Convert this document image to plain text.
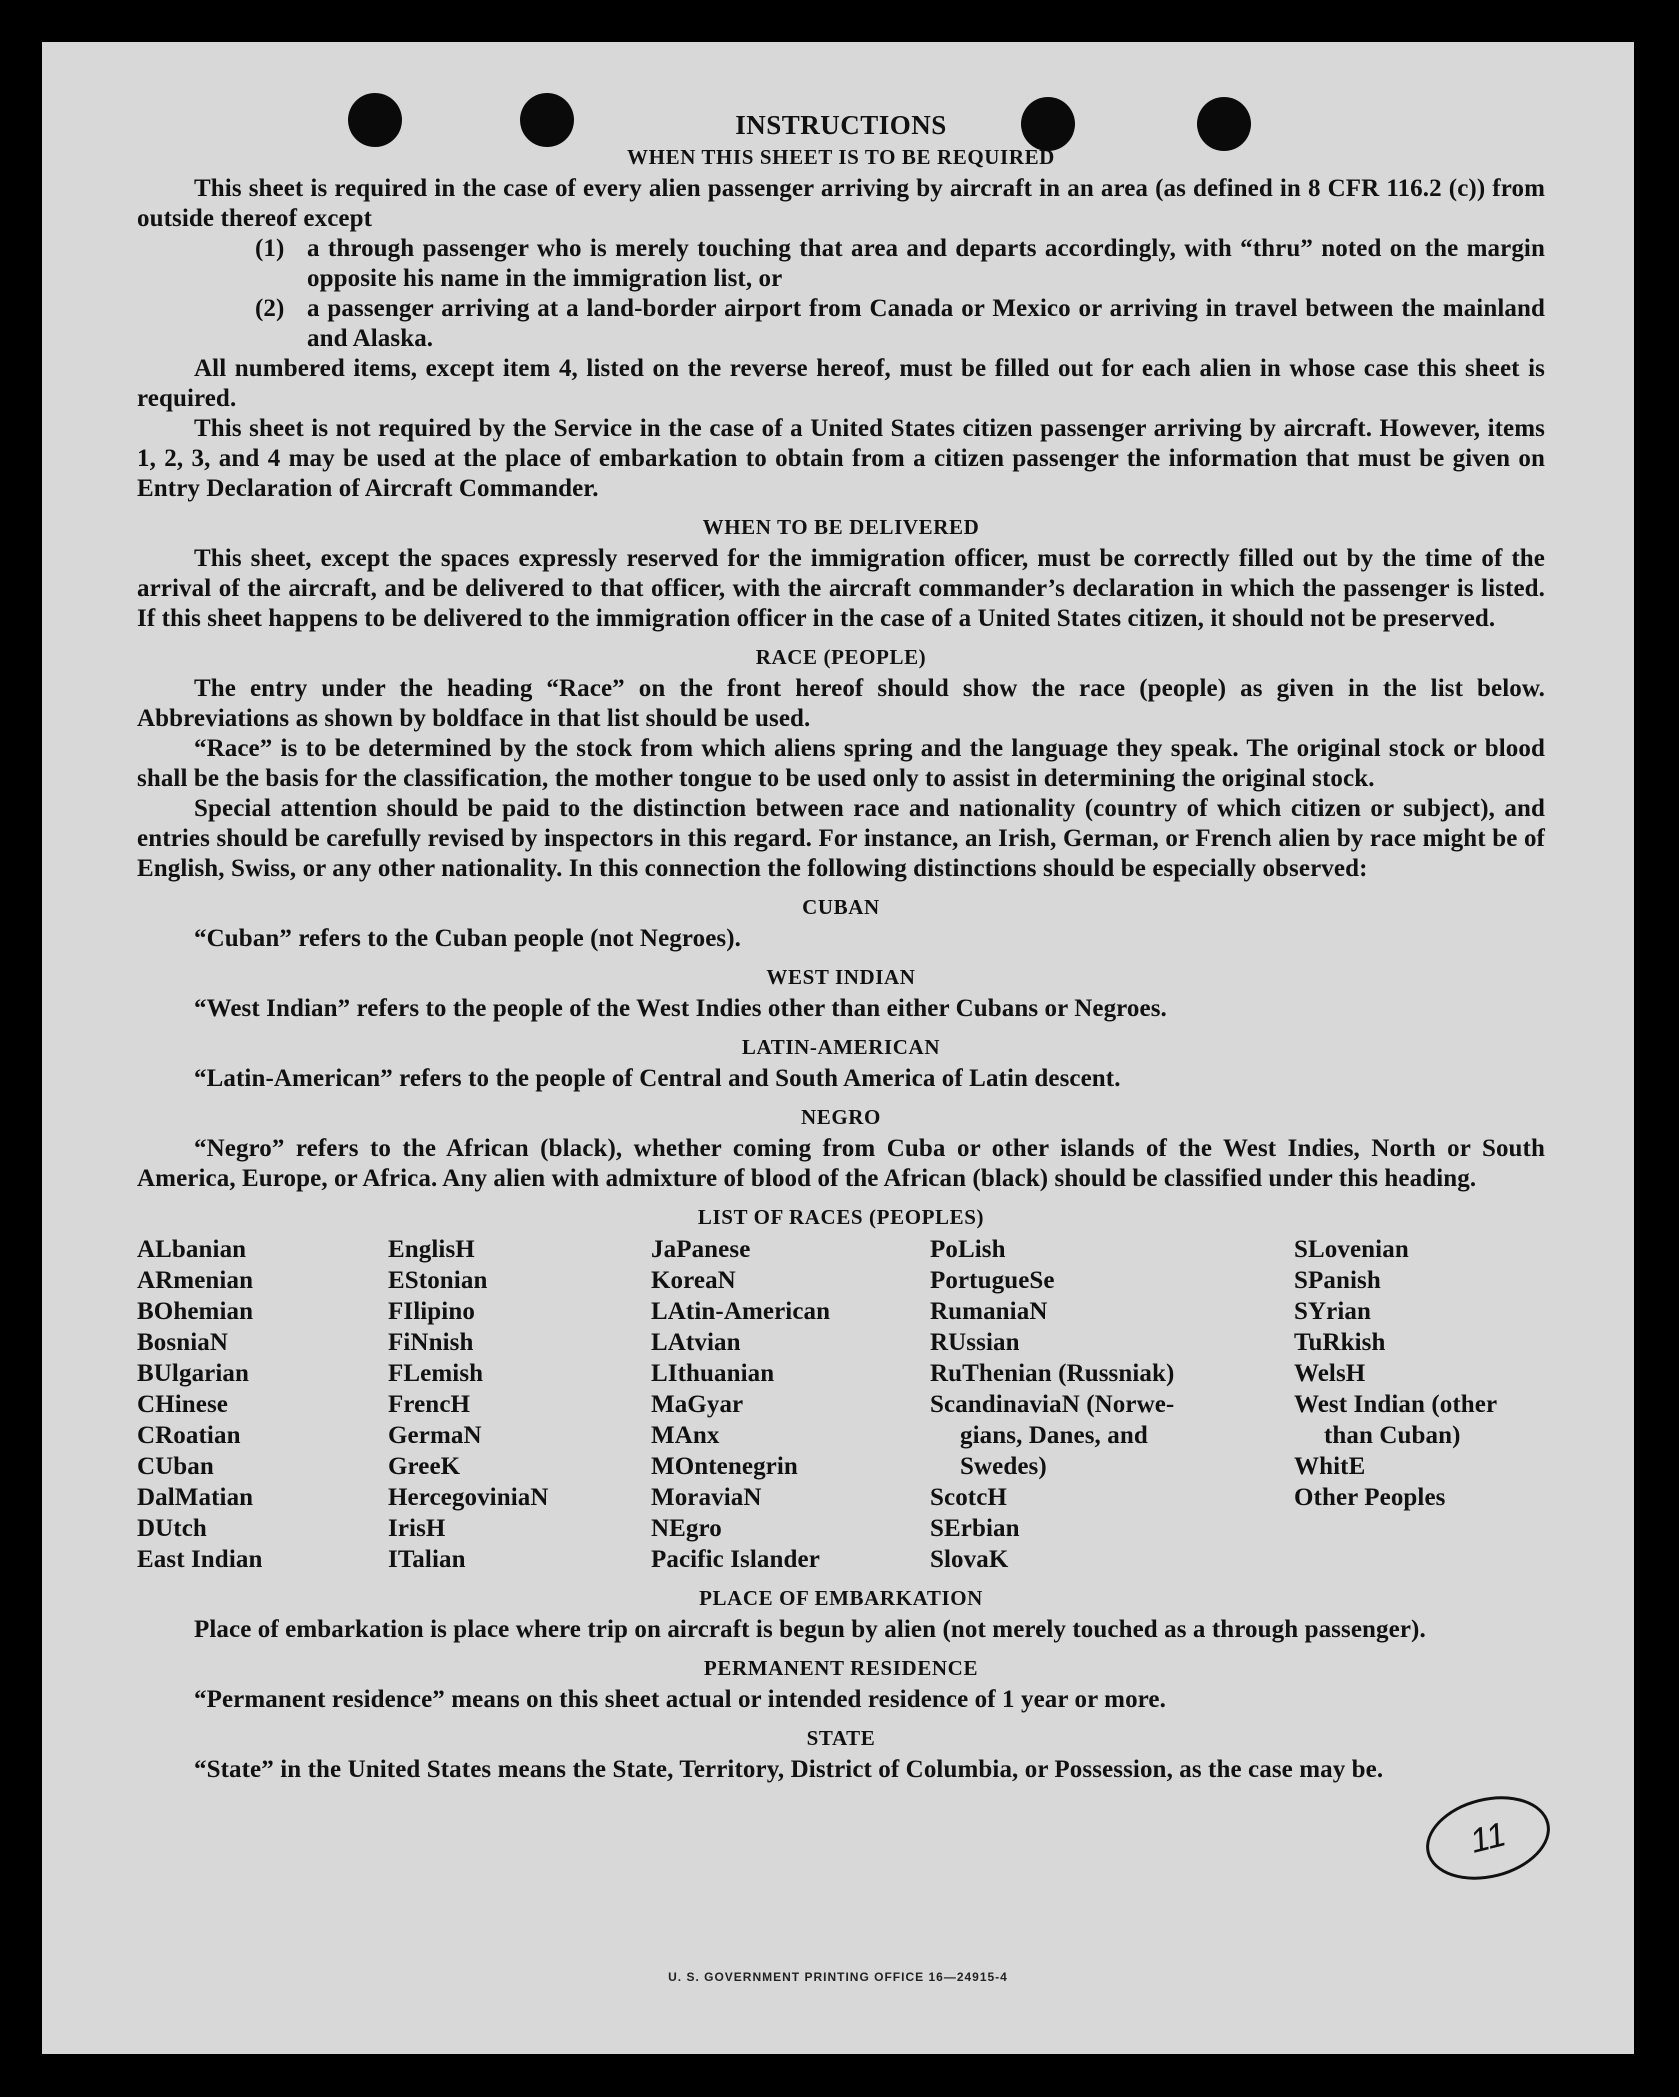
INSTRUCTIONS
WHEN THIS SHEET IS TO BE REQUIRED

This sheet is required in the case of every alien passenger arriving by aircraft in an area (as defined in 8 CFR 116.2 (c)) from outside thereof except

(1) a through passenger who is merely touching that area and departs accordingly, with “thru” noted on the margin opposite his name in the immigration list, or

(2) a passenger arriving at a land-border airport from Canada or Mexico or arriving in travel between the mainland and Alaska.

All numbered items, except item 4, listed on the reverse hereof, must be filled out for each alien in whose case this sheet is required.

This sheet is not required by the Service in the case of a United States citizen passenger arriving by aircraft. However, items 1, 2, 3, and 4 may be used at the place of embarkation to obtain from a citizen passenger the information that must be given on Entry Declaration of Aircraft Commander.

WHEN TO BE DELIVERED

This sheet, except the spaces expressly reserved for the immigration officer, must be correctly filled out by the time of the arrival of the aircraft, and be delivered to that officer, with the aircraft commander’s declaration in which the passenger is listed. If this sheet happens to be delivered to the immigration officer in the case of a United States citizen, it should not be preserved.

RACE (PEOPLE)

The entry under the heading “Race” on the front hereof should show the race (people) as given in the list below. Abbreviations as shown by boldface in that list should be used.

“Race” is to be determined by the stock from which aliens spring and the language they speak. The original stock or blood shall be the basis for the classification, the mother tongue to be used only to assist in determining the original stock.

Special attention should be paid to the distinction between race and nationality (country of which citizen or subject), and entries should be carefully revised by inspectors in this regard. For instance, an Irish, German, or French alien by race might be of English, Swiss, or any other nationality. In this connection the following distinctions should be especially observed:

CUBAN

“Cuban” refers to the Cuban people (not Negroes).

WEST INDIAN

“West Indian” refers to the people of the West Indies other than either Cubans or Negroes.

LATIN-AMERICAN

“Latin-American” refers to the people of Central and South America of Latin descent.

NEGRO

“Negro” refers to the African (black), whether coming from Cuba or other islands of the West Indies, North or South America, Europe, or Africa. Any alien with admixture of blood of the African (black) should be classified under this heading.

LIST OF RACES (PEOPLES)
ALbanian
ARmenian
BOhemian
BosniaN
BUlgarian
CHinese
CRoatian
CUban
DalMatian
DUtch
East Indian
EnglisH
EStonian
FIlipino
FiNnish
FLemish
FrencH
GermaN
GreeK
HercegoviniaN
IrisH
ITalian
JaPanese
KoreaN
LAtin-American
LAtvian
LIthuanian
MaGyar
MAnx
MOntenegrin
MoraviaN
NEgro
Pacific Islander
PoLish
PortugueSe
RumaniaN
RUssian
RuThenian (Russniak)
ScandinaviaN (Norwe-
gians, Danes, and
Swedes)
ScotcH
SErbian
SlovaK
SLovenian
SPanish
SYrian
TuRkish
WelsH
West Indian (other
than Cuban)
WhitE
Other Peoples
PLACE OF EMBARKATION

Place of embarkation is place where trip on aircraft is begun by alien (not merely touched as a through passenger).

PERMANENT RESIDENCE

“Permanent residence” means on this sheet actual or intended residence of 1 year or more.

STATE

“State” in the United States means the State, Territory, District of Columbia, or Possession, as the case may be.

11
U. S. GOVERNMENT PRINTING OFFICE 16—24915-4
